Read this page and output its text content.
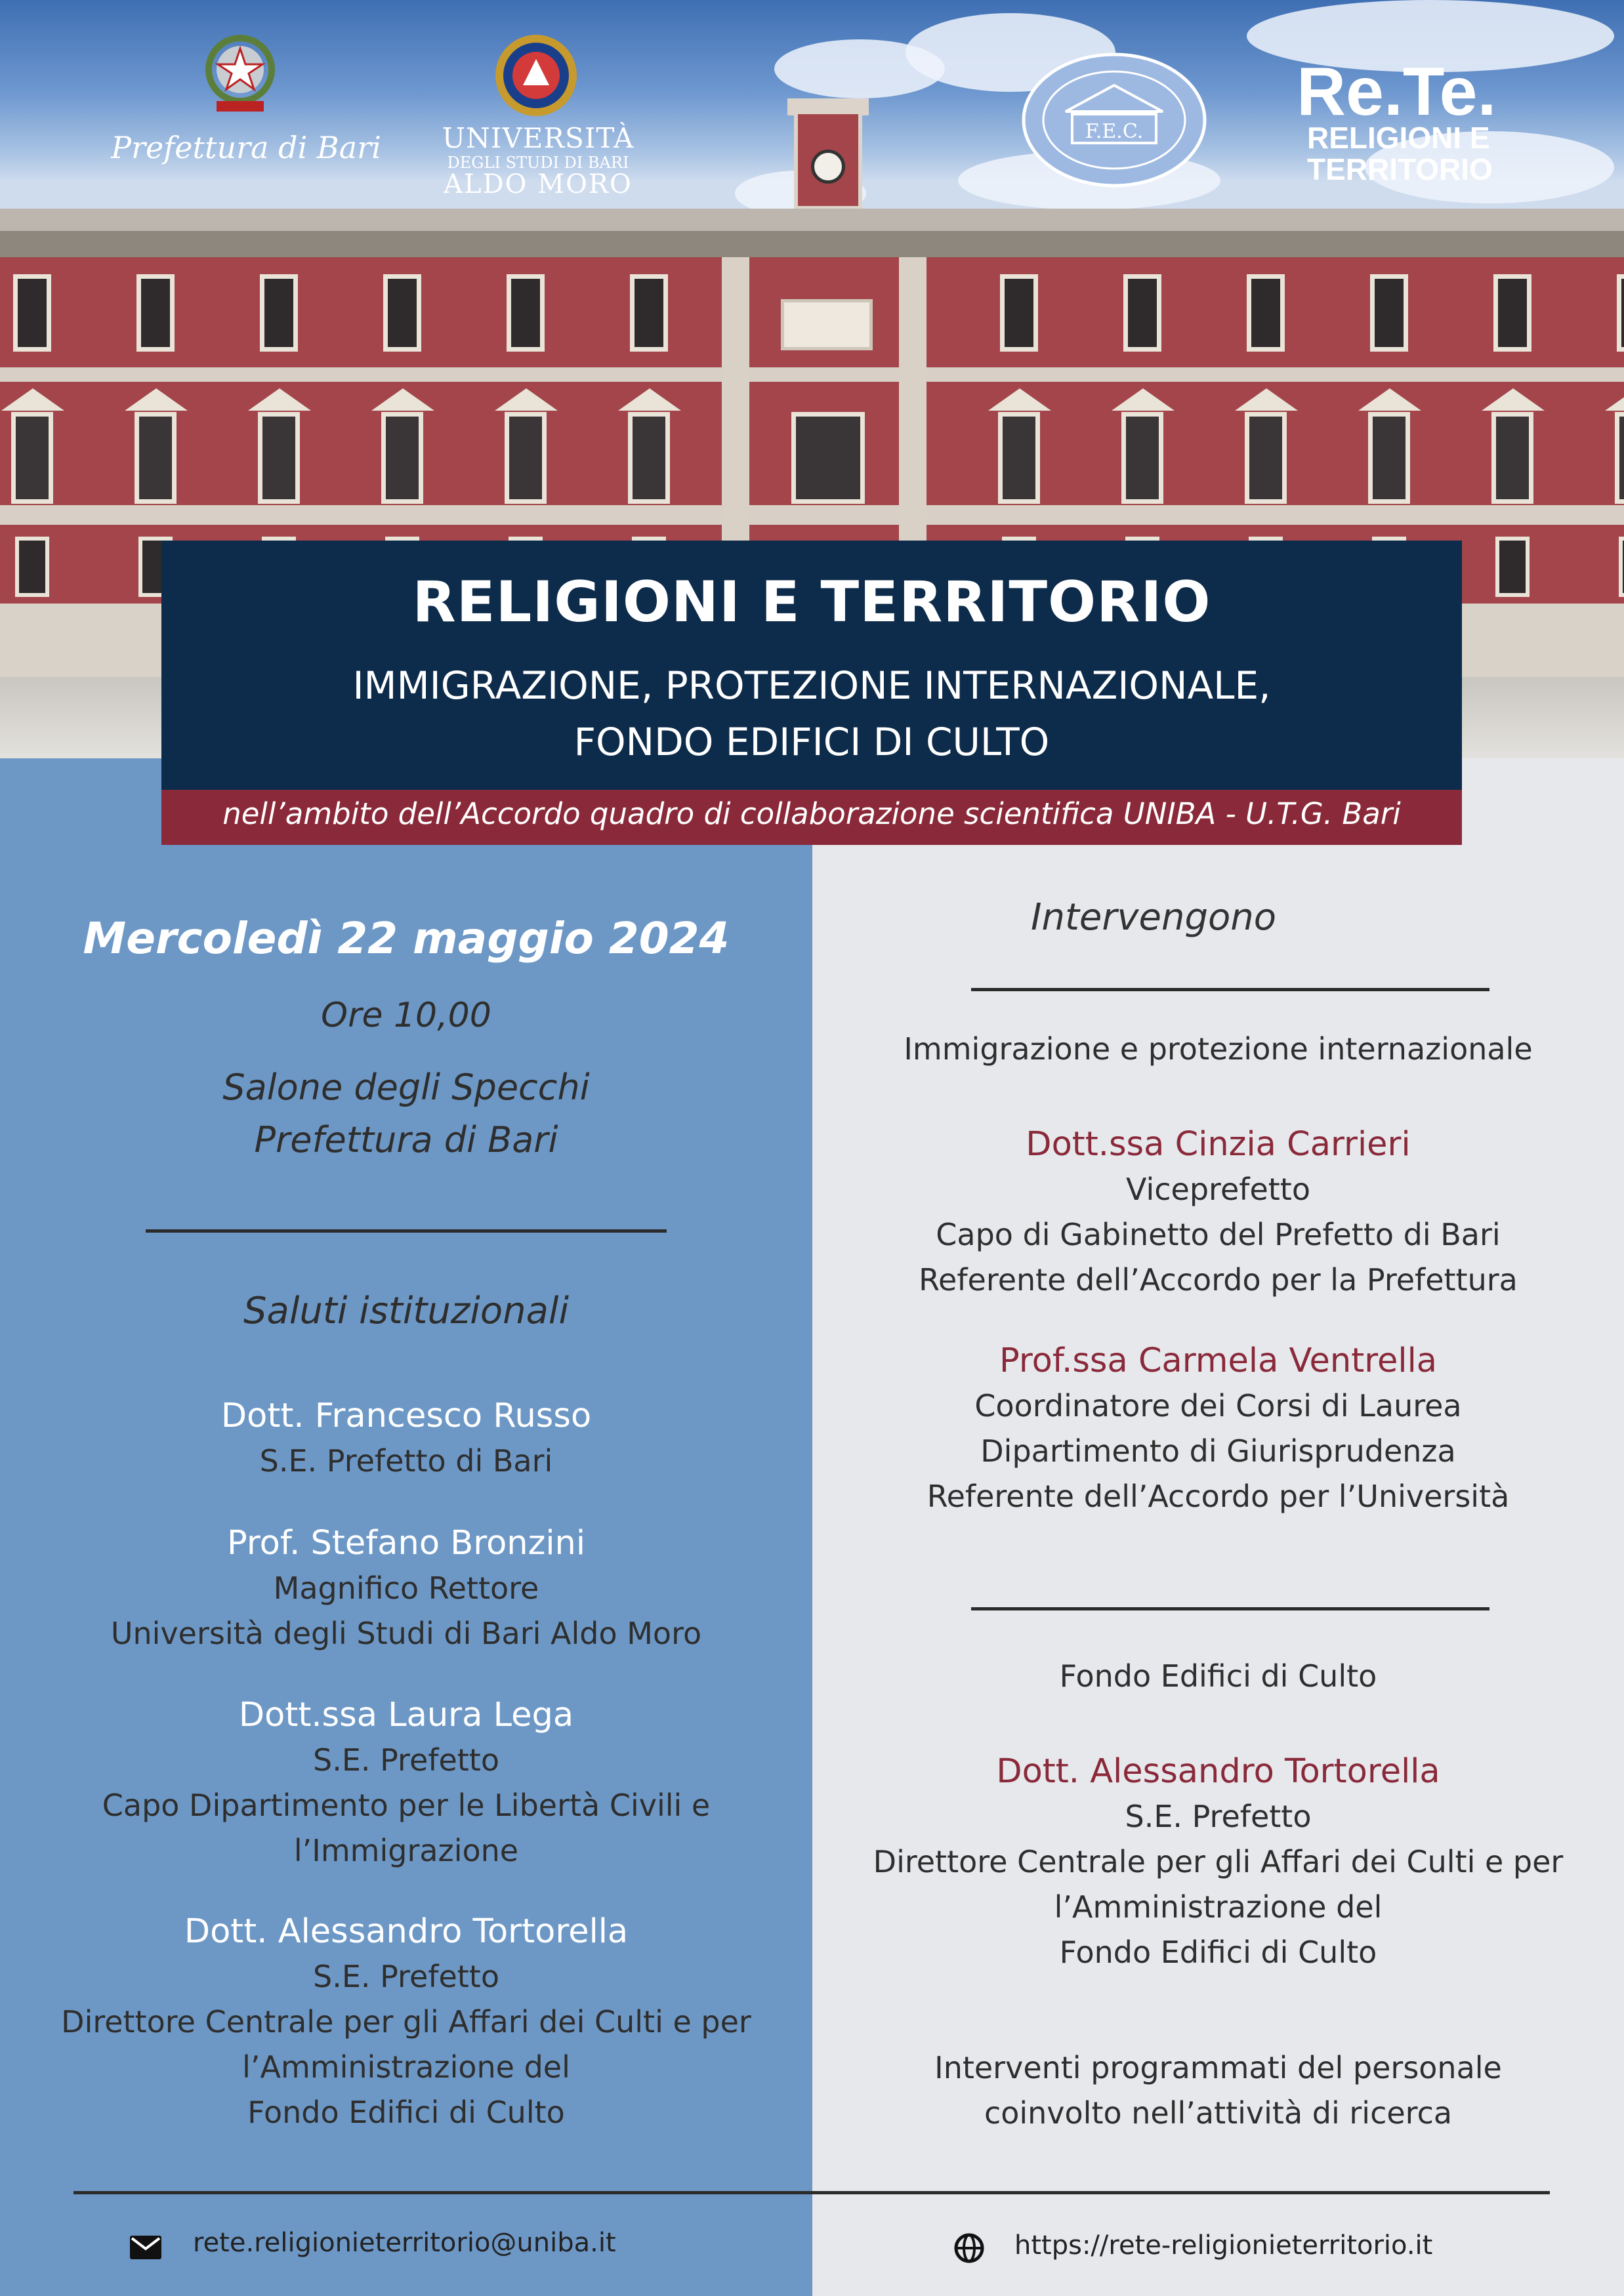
Prefettura di Bari UNIVERSITÀ
DEGLI STUDI DI BARI
ALDO MORO
F.E.C.
Re.Te.
RELIGIONI E
TERRITORIO
RELIGIONI E TERRITORIO
IMMIGRAZIONE, PROTEZIONE INTERNAZIONALE,
FONDO EDIFICI DI CULTO
nell’ambito dell’Accordo quadro di collaborazione scientifica UNIBA - U.T.G. Bari
Mercoledì 22 maggio 2024
Ore 10,00
Salone degli Specchi
Prefettura di Bari
Saluti istituzionali
Dott. Francesco Russo
S.E. Prefetto di Bari
Prof. Stefano Bronzini
Magnifico Rettore
Università degli Studi di Bari Aldo Moro
Dott.ssa Laura Lega
S.E. Prefetto
Capo Dipartimento per le Libertà Civili e
l’Immigrazione
Dott. Alessandro Tortorella
S.E. Prefetto
Direttore Centrale per gli Affari dei Culti e per
l’Amministrazione del
Fondo Edifici di Culto
Intervengono
Immigrazione e protezione internazionale
Dott.ssa Cinzia Carrieri
Viceprefetto
Capo di Gabinetto del Prefetto di Bari
Referente dell’Accordo per la Prefettura
Prof.ssa Carmela Ventrella
Coordinatore dei Corsi di Laurea
Dipartimento di Giurisprudenza
Referente dell’Accordo per l’Università
Fondo Edifici di Culto
Dott. Alessandro Tortorella
S.E. Prefetto
Direttore Centrale per gli Affari dei Culti e per
l’Amministrazione del
Fondo Edifici di Culto
Interventi programmati del personale
coinvolto nell’attività di ricerca
rete.religionieterritorio@uniba.it	https://rete-religionieterritorio.it
